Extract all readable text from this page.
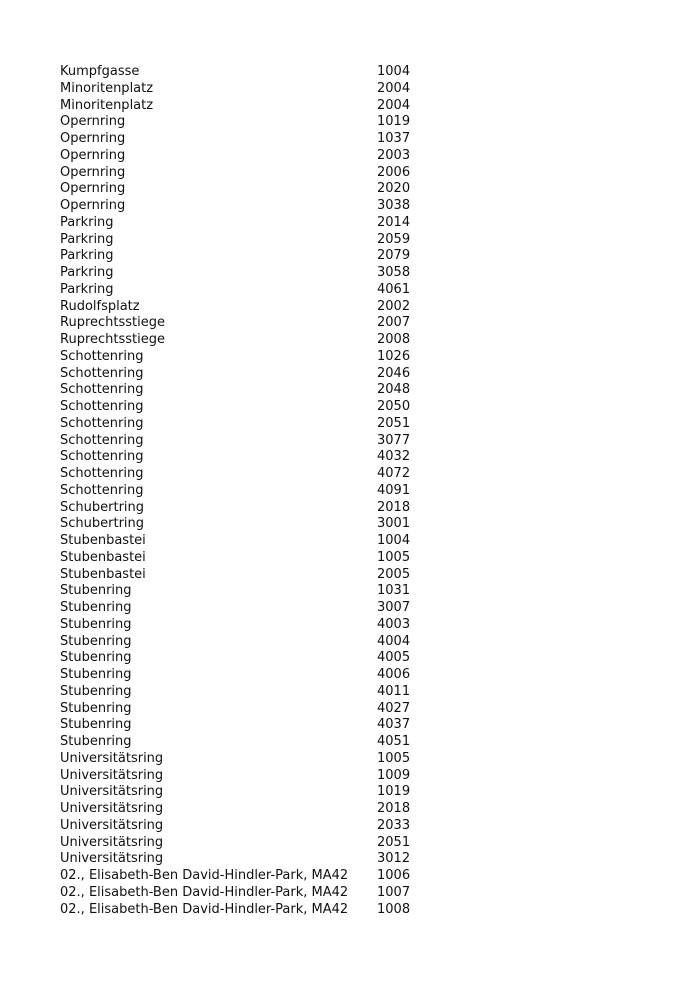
Kumpfgasse	1004
Minoritenplatz	2004
Minoritenplatz	2004
Opernring	1019
Opernring	1037
Opernring	2003
Opernring	2006
Opernring	2020
Opernring	3038
Parkring	2014
Parkring	2059
Parkring	2079
Parkring	3058
Parkring	4061
Rudolfsplatz	2002
Ruprechtsstiege	2007
Ruprechtsstiege	2008
Schottenring	1026
Schottenring	2046
Schottenring	2048
Schottenring	2050
Schottenring	2051
Schottenring	3077
Schottenring	4032
Schottenring	4072
Schottenring	4091
Schubertring	2018
Schubertring	3001
Stubenbastei	1004
Stubenbastei	1005
Stubenbastei	2005
Stubenring	1031
Stubenring	3007
Stubenring	4003
Stubenring	4004
Stubenring	4005
Stubenring	4006
Stubenring	4011
Stubenring	4027
Stubenring	4037
Stubenring	4051
Universitätsring	1005
Universitätsring	1009
Universitätsring	1019
Universitätsring	2018
Universitätsring	2033
Universitätsring	2051
Universitätsring	3012
02., Elisabeth-Ben David-Hindler-Park, MA42	1006
02., Elisabeth-Ben David-Hindler-Park, MA42	1007
02., Elisabeth-Ben David-Hindler-Park, MA42	1008
